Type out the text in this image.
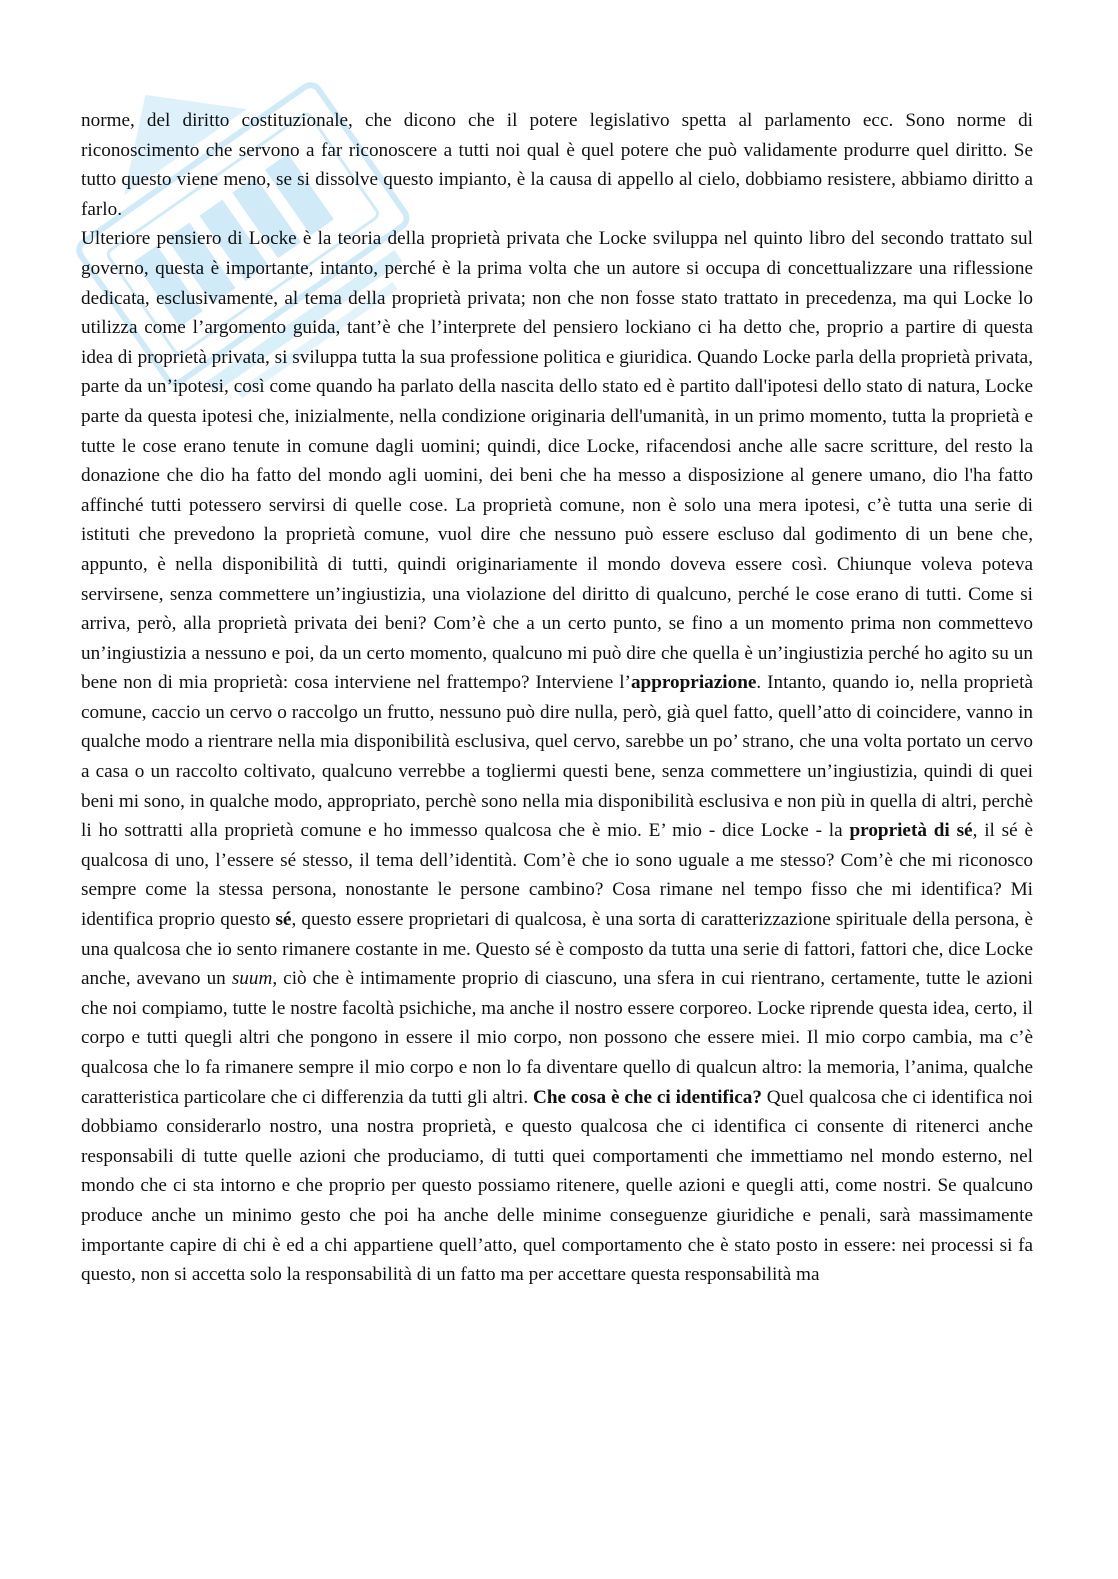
norme, del diritto costituzionale, che dicono che il potere legislativo spetta al parlamento ecc. Sono norme di riconoscimento che servono a far riconoscere a tutti noi qual è quel potere che può validamente produrre quel diritto. Se tutto questo viene meno, se si dissolve questo impianto, è la causa di appello al cielo, dobbiamo resistere, abbiamo diritto a farlo.

Ulteriore pensiero di Locke è la teoria della proprietà privata che Locke sviluppa nel quinto libro del secondo trattato sul governo, questa è importante, intanto, perché è la prima volta che un autore si occupa di concettualizzare una riflessione dedicata, esclusivamente, al tema della proprietà privata; non che non fosse stato trattato in precedenza, ma qui Locke lo utilizza come l’argomento guida, tant’è che l’interprete del pensiero lockiano ci ha detto che, proprio a partire di questa idea di proprietà privata, si sviluppa tutta la sua professione politica e giuridica. Quando Locke parla della proprietà privata, parte da un’ipotesi, così come quando ha parlato della nascita dello stato ed è partito dall'ipotesi dello stato di natura, Locke parte da questa ipotesi che, inizialmente, nella condizione originaria dell'umanità, in un primo momento, tutta la proprietà e tutte le cose erano tenute in comune dagli uomini; quindi, dice Locke, rifacendosi anche alle sacre scritture, del resto la donazione che dio ha fatto del mondo agli uomini, dei beni che ha messo a disposizione al genere umano, dio l'ha fatto affinché tutti potessero servirsi di quelle cose. La proprietà comune, non è solo una mera ipotesi, c’è tutta una serie di istituti che prevedono la proprietà comune, vuol dire che nessuno può essere escluso dal godimento di un bene che, appunto, è nella disponibilità di tutti, quindi originariamente il mondo doveva essere così. Chiunque voleva poteva servirsene, senza commettere un’ingiustizia, una violazione del diritto di qualcuno, perché le cose erano di tutti. Come si arriva, però, alla proprietà privata dei beni? Com’è che a un certo punto, se fino a un momento prima non commettevo un’ingiustizia a nessuno e poi, da un certo momento, qualcuno mi può dire che quella è un’ingiustizia perché ho agito su un bene non di mia proprietà: cosa interviene nel frattempo? Interviene l’appropriazione. Intanto, quando io, nella proprietà comune, caccio un cervo o raccolgo un frutto, nessuno può dire nulla, però, già quel fatto, quell’atto di coincidere, vanno in qualche modo a rientrare nella mia disponibilità esclusiva, quel cervo, sarebbe un po’ strano, che una volta portato un cervo a casa o un raccolto coltivato, qualcuno verrebbe a togliermi questi bene, senza commettere un’ingiustizia, quindi di quei beni mi sono, in qualche modo, appropriato, perchè sono nella mia disponibilità esclusiva e non più in quella di altri, perchè li ho sottratti alla proprietà comune e ho immesso qualcosa che è mio. E’ mio - dice Locke - la proprietà di sé, il sé è qualcosa di uno, l’essere sé stesso, il tema dell’identità. Com’è che io sono uguale a me stesso? Com’è che mi riconosco sempre come la stessa persona, nonostante le persone cambino? Cosa rimane nel tempo fisso che mi identifica? Mi identifica proprio questo sé, questo essere proprietari di qualcosa, è una sorta di caratterizzazione spirituale della persona, è una qualcosa che io sento rimanere costante in me. Questo sé è composto da tutta una serie di fattori, fattori che, dice Locke anche, avevano un suum, ciò che è intimamente proprio di ciascuno, una sfera in cui rientrano, certamente, tutte le azioni che noi compiamo, tutte le nostre facoltà psichiche, ma anche il nostro essere corporeo. Locke riprende questa idea, certo, il corpo e tutti quegli altri che pongono in essere il mio corpo, non possono che essere miei. Il mio corpo cambia, ma c’è qualcosa che lo fa rimanere sempre il mio corpo e non lo fa diventare quello di qualcun altro: la memoria, l’anima, qualche caratteristica particolare che ci differenzia da tutti gli altri. Che cosa è che ci identifica? Quel qualcosa che ci identifica noi dobbiamo considerarlo nostro, una nostra proprietà, e questo qualcosa che ci identifica ci consente di ritenerci anche responsabili di tutte quelle azioni che produciamo, di tutti quei comportamenti che immettiamo nel mondo esterno, nel mondo che ci sta intorno e che proprio per questo possiamo ritenere, quelle azioni e quegli atti, come nostri. Se qualcuno produce anche un minimo gesto che poi ha anche delle minime conseguenze giuridiche e penali, sarà massimamente importante capire di chi è ed a chi appartiene quell’atto, quel comportamento che è stato posto in essere: nei processi si fa questo, non si accetta solo la responsabilità di un fatto ma per accettare questa responsabilità ma
